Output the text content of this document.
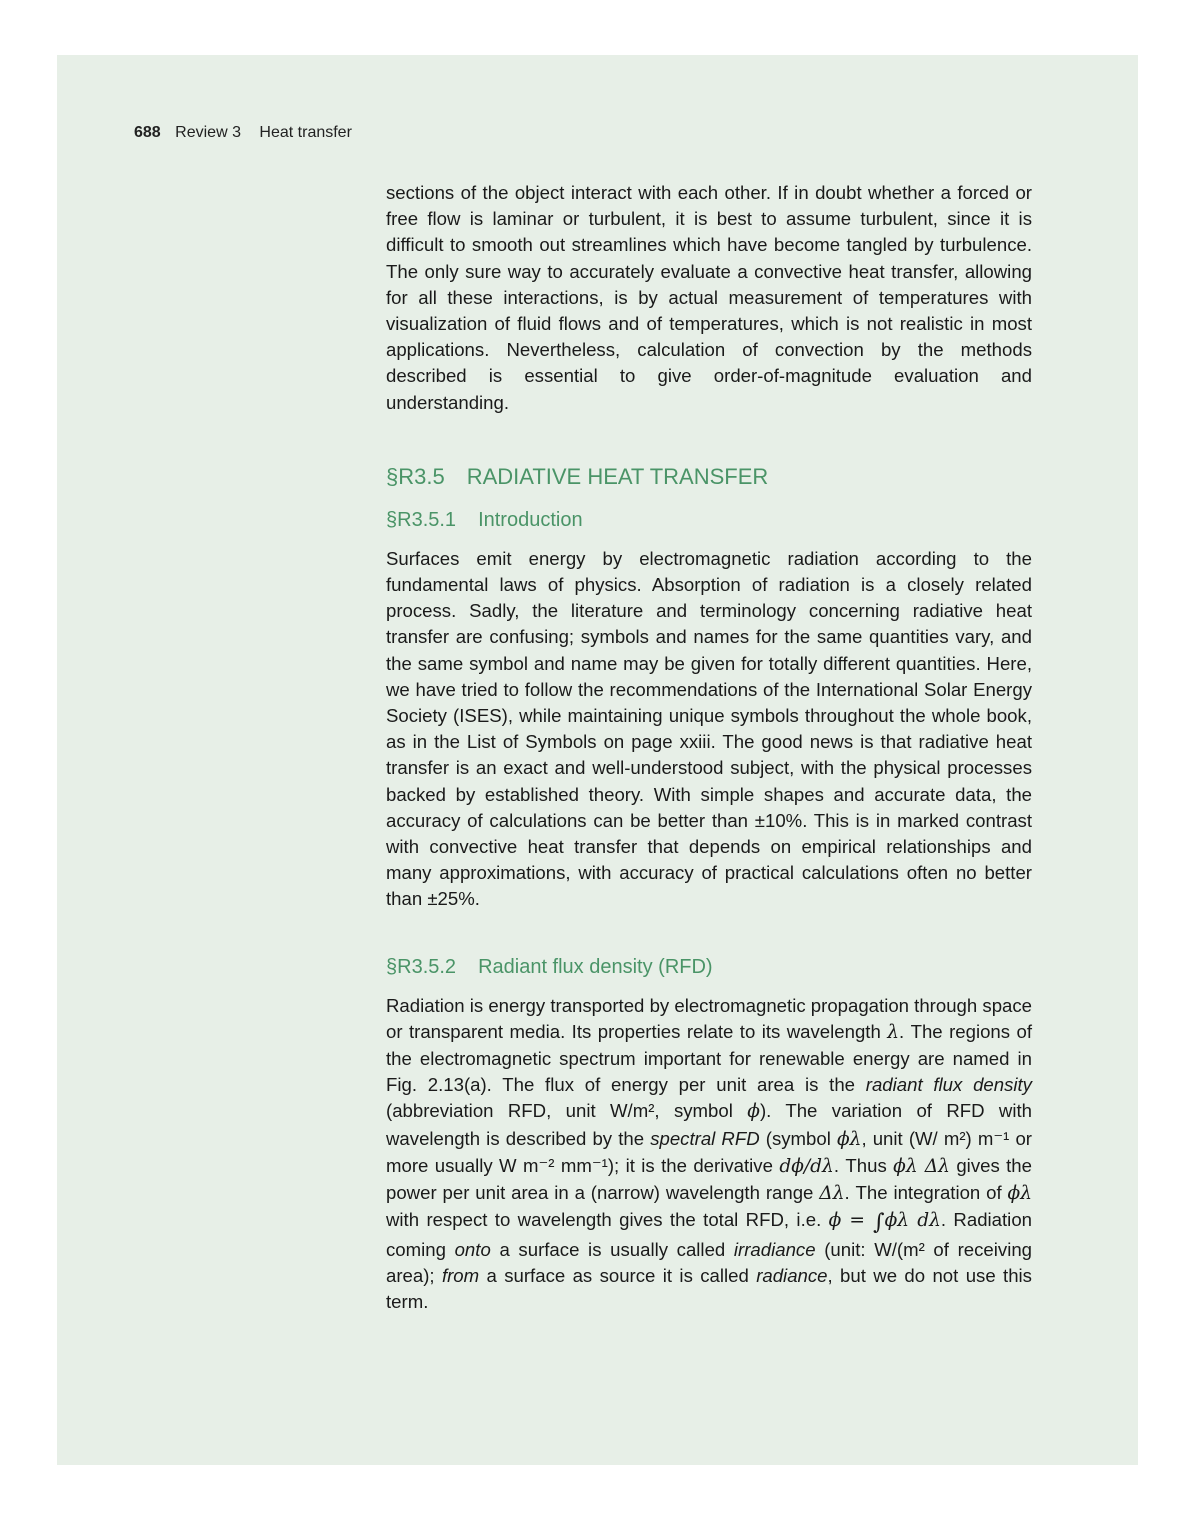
688 Review 3 Heat transfer

sections of the object interact with each other. If in doubt whether a forced or free flow is laminar or turbulent, it is best to assume turbulent, since it is difficult to smooth out streamlines which have become tangled by turbulence. The only sure way to accurately evaluate a convective heat transfer, allowing for all these interactions, is by actual measurement of temperatures with visualization of fluid flows and of temperatures, which is not realistic in most applications. Nevertheless, calculation of convection by the methods described is essential to give order-of-magnitude evaluation and understanding.

§R3.5 RADIATIVE HEAT TRANSFER
§R3.5.1 Introduction

Surfaces emit energy by electromagnetic radiation according to the fundamental laws of physics. Absorption of radiation is a closely related process. Sadly, the literature and terminology concerning radiative heat transfer are confusing; symbols and names for the same quantities vary, and the same symbol and name may be given for totally different quantities. Here, we have tried to follow the recommendations of the International Solar Energy Society (ISES), while maintaining unique symbols throughout the whole book, as in the List of Symbols on page xxiii. The good news is that radiative heat transfer is an exact and well-understood subject, with the physical processes backed by established theory. With simple shapes and accurate data, the accuracy of calculations can be better than ±10%. This is in marked contrast with convective heat transfer that depends on empirical relationships and many approximations, with accuracy of practical calculations often no better than ±25%.

§R3.5.2 Radiant flux density (RFD)

Radiation is energy transported by electromagnetic propagation through space or transparent media. Its properties relate to its wavelength λ. The regions of the electromagnetic spectrum important for renewable energy are named in Fig. 2.13(a). The flux of energy per unit area is the radiant flux density (abbreviation RFD, unit W/m², symbol ϕ). The variation of RFD with wavelength is described by the spectral RFD (symbol ϕλ, unit (W/ m²) m⁻¹ or more usually W m⁻² mm⁻¹); it is the derivative dϕ/dλ. Thus ϕλ Δλ gives the power per unit area in a (narrow) wavelength range Δλ. The integration of ϕλ with respect to wavelength gives the total RFD, i.e. ϕ = ∫ϕλ dλ. Radiation coming onto a surface is usually called irradiance (unit: W/(m² of receiving area); from a surface as source it is called radiance, but we do not use this term.
